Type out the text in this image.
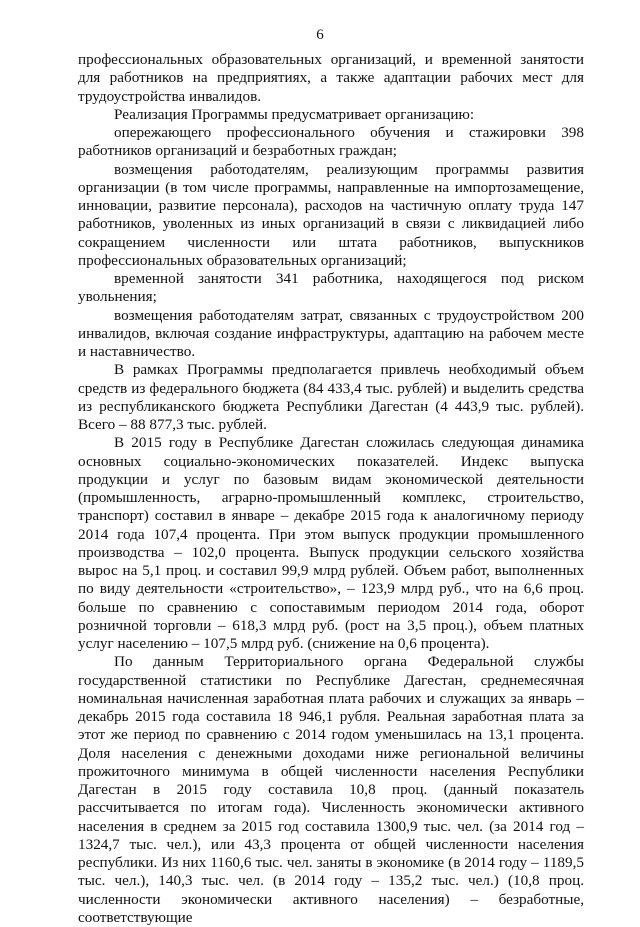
6

профессиональных образовательных организаций, и временной занятости для работников на предприятиях, а также адаптации рабочих мест для трудоустройства инвалидов.

Реализация Программы предусматривает организацию:

опережающего профессионального обучения и стажировки 398 работников организаций и безработных граждан;

возмещения работодателям, реализующим программы развития организации (в том числе программы, направленные на импортозамещение, инновации, развитие персонала), расходов на частичную оплату труда 147 работников, уволенных из иных организаций в связи с ликвидацией либо сокращением численности или штата работников, выпускников профессиональных образовательных организаций;

временной занятости 341 работника, находящегося под риском увольнения;

возмещения работодателям затрат, связанных с трудоустройством 200 инвалидов, включая создание инфраструктуры, адаптацию на рабочем месте и наставничество.

В рамках Программы предполагается привлечь необходимый объем средств из федерального бюджета (84 433,4 тыс. рублей) и выделить средства из республиканского бюджета Республики Дагестан (4 443,9 тыс. рублей). Всего – 88 877,3 тыс. рублей.

В 2015 году в Республике Дагестан сложилась следующая динамика основных социально-экономических показателей. Индекс выпуска продукции и услуг по базовым видам экономической деятельности (промышленность, аграрно-промышленный комплекс, строительство, транспорт) составил в январе – декабре 2015 года к аналогичному периоду 2014 года 107,4 процента. При этом выпуск продукции промышленного производства – 102,0 процента. Выпуск продукции сельского хозяйства вырос на 5,1 проц. и составил 99,9 млрд рублей. Объем работ, выполненных по виду деятельности «строительство», – 123,9 млрд руб., что на 6,6 проц. больше по сравнению с сопоставимым периодом 2014 года, оборот розничной торговли – 618,3 млрд руб. (рост на 3,5 проц.), объем платных услуг населению – 107,5 млрд руб. (снижение на 0,6 процента).

По данным Территориального органа Федеральной службы государственной статистики по Республике Дагестан, среднемесячная номинальная начисленная заработная плата рабочих и служащих за январь – декабрь 2015 года составила 18 946,1 рубля. Реальная заработная плата за этот же период по сравнению с 2014 годом уменьшилась на 13,1 процента. Доля населения с денежными доходами ниже региональной величины прожиточного минимума в общей численности населения Республики Дагестан в 2015 году составила 10,8 проц. (данный показатель рассчитывается по итогам года). Численность экономически активного населения в среднем за 2015 год составила 1300,9 тыс. чел. (за 2014 год – 1324,7 тыс. чел.), или 43,3 процента от общей численности населения республики. Из них 1160,6 тыс. чел. заняты в экономике (в 2014 году – 1189,5 тыс. чел.), 140,3 тыс. чел. (в 2014 году – 135,2 тыс. чел.) (10,8 проц. численности экономически активного населения) – безработные, соответствующие
